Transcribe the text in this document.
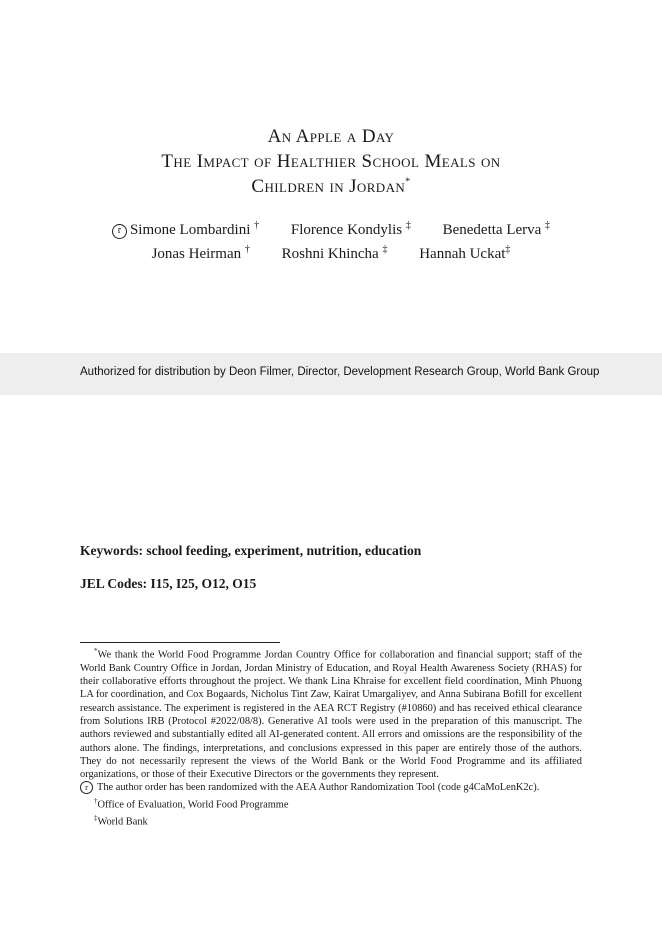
An Apple a Day
The Impact of Healthier School Meals on
Children in Jordan*
r Simone Lombardini † Florence Kondylis ‡ Benedetta Lerva ‡
Jonas Heirman † Roshni Khincha ‡ Hannah Uckat‡
Authorized for distribution by Deon Filmer, Director, Development Research Group, World Bank Group
Keywords: school feeding, experiment, nutrition, education
JEL Codes: I15, I25, O12, O15

*We thank the World Food Programme Jordan Country Office for collaboration and financial support; staff of the World Bank Country Office in Jordan, Jordan Ministry of Education, and Royal Health Awareness Society (RHAS) for their collaborative efforts throughout the project. We thank Lina Khraise for excellent field coordination, Minh Phuong LA for coordination, and Cox Bogaards, Nicholus Tint Zaw, Kairat Umargaliyev, and Anna Subirana Bofill for excellent research assistance. The experiment is registered in the AEA RCT Registry (#10860) and has received ethical clearance from Solutions IRB (Protocol #2022/08/8). Generative AI tools were used in the preparation of this manuscript. The authors reviewed and substantially edited all AI-generated content. All errors and omissions are the responsibility of the authors alone. The findings, interpretations, and conclusions expressed in this paper are entirely those of the authors. They do not necessarily represent the views of the World Bank or the World Food Programme and its affiliated organizations, or those of their Executive Directors or the governments they represent.

r The author order has been randomized with the AEA Author Randomization Tool (code g4CaMoLenK2c).

†Office of Evaluation, World Food Programme

‡World Bank
